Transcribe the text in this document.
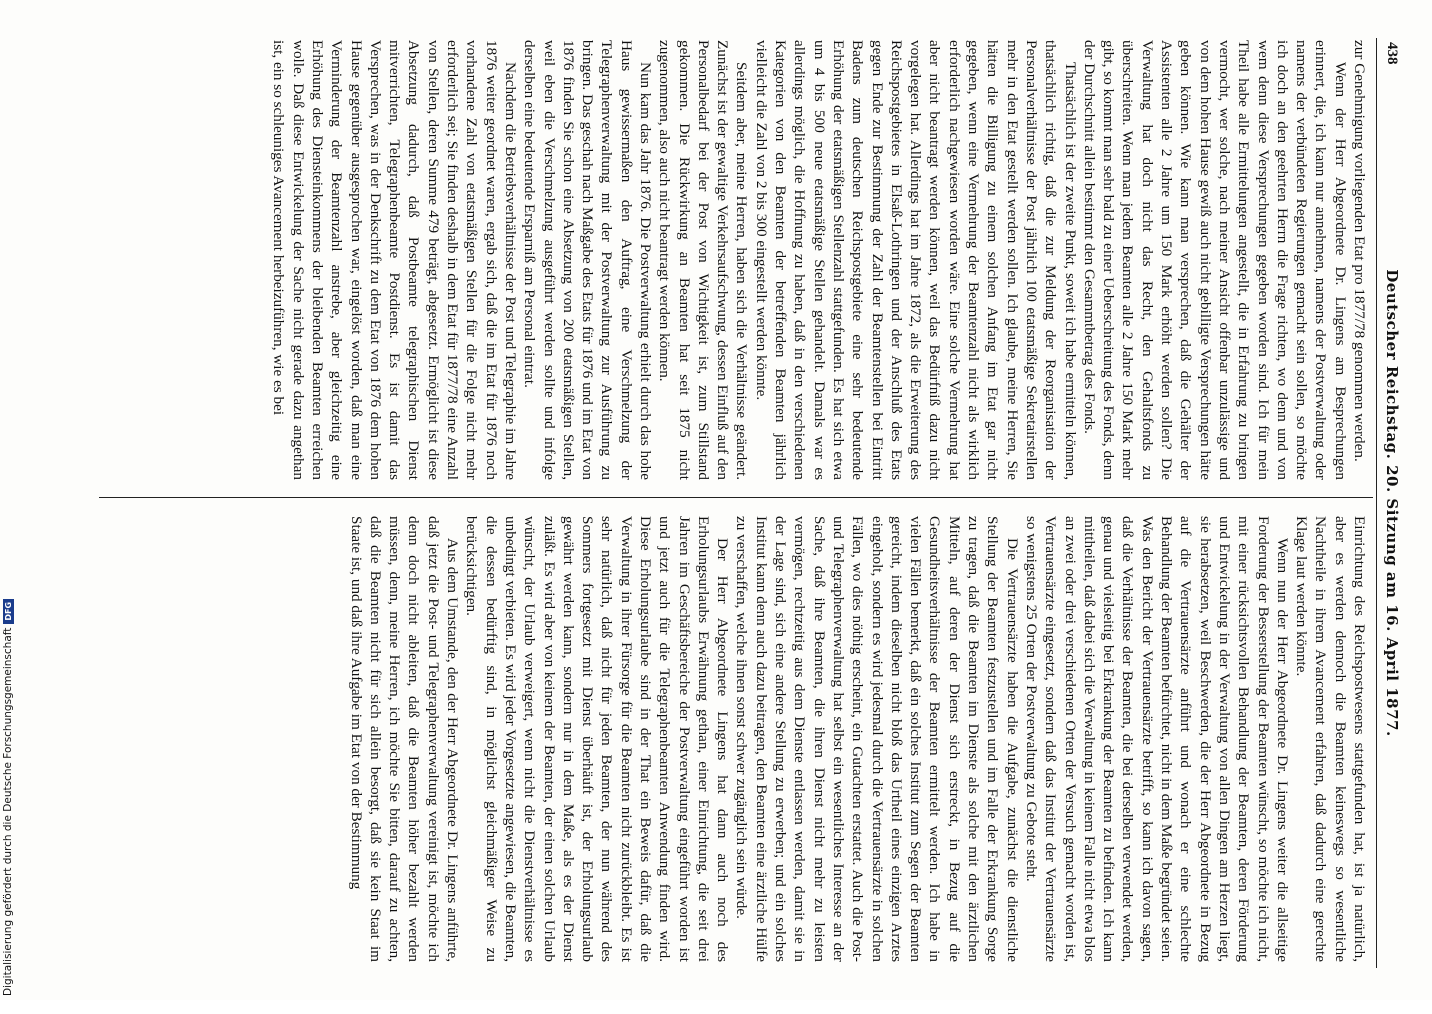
Digitalisierung gefördert durch die Deutsche ForschungsgemeinschaftDFG
438
Deutscher Reichstag. 20. Sitzung am 16. April 1877.

zur Genehmigung vorliegenden Etat pro 1877/78 genommen werden.

Wenn der Herr Abgeordnete Dr. Lingens am Besprechungen erinnert, die, ich kann nur annehmen, namens der Postverwaltung oder namens der verbündeten Regierungen gemacht sein sollen, so möchte ich doch an den geehrten Herrn die Frage richten, wo denn und von wem denn diese Versprechungen gegeben worden sind. Ich für mein Theil habe alle Ermittelungen angestellt, die in Erfahrung zu bringen vermocht, wer solche, nach meiner Ansicht offenbar unzulässige und von dem hohen Hause gewiß auch nicht gebilligte Versprechungen hätte geben können. Wie kann man versprechen, daß die Gehälter der Assistenten alle 2 Jahre um 150 Mark erhöht werden sollen? Die Verwaltung hat doch nicht das Recht, den Gehaltsfonds zu überschreiten. Wenn man jedem Beamten alle 2 Jahre 150 Mark mehr gibt, so kommt man sehr bald zu einer Ueberschreitung des Fonds, denn der Durchschnitt allein bestimmt den Gesammtbetrag des Fonds.

Thatsächlich ist der zweite Punkt, soweit ich habe ermitteln können, thatsächlich richtig, daß die zur Meldung der Reorganisation der Personalverhältnisse der Post jährlich 100 etatsmäßige Sekretairstellen mehr in den Etat gestellt werden sollen. Ich glaube, meine Herren, Sie hätten die Billigung zu einem solchen Anfang im Etat gar nicht gegeben, wenn eine Vermehrung der Beamtenzahl nicht als wirklich erforderlich nachgewiesen worden wäre. Eine solche Vermehrung hat aber nicht beantragt werden können, weil das Bedürfniß dazu nicht vorgelegen hat. Allerdings hat im Jahre 1872, als die Erweiterung des Reichspostgebietes in Elsaß-Lothringen und der Anschluß des Etats gegen Ende zur Bestimmung der Zahl der Beamtenstellen bei Eintritt Badens zum deutschen Reichspostgebiete eine sehr bedeutende Erhöhung der etatsmäßigen Stellenzahl stattgefunden. Es hat sich etwa um 4 bis 500 neue etatsmäßige Stellen gehandelt. Damals war es allerdings möglich, die Hoffnung zu haben, daß in den verschiedenen Kategorien von den Beamten der betreffenden Beamten jährlich vielleicht die Zahl von 2 bis 300 eingestellt werden könnte.

Seitdem aber, meine Herren, haben sich die Verhältnisse geändert. Zunächst ist der gewaltige Verkehrsaufschwung, dessen Einfluß auf den Personalbedarf bei der Post von Wichtigkeit ist, zum Stillstand gekommen. Die Rückwirkung an Beamten hat seit 1875 nicht zugenommen, also auch nicht beantragt werden können.

Nun kam das Jahr 1876. Die Postverwaltung erhielt durch das hohe Haus gewissermaßen den Auftrag, eine Verschmelzung der Telegraphenverwaltung mit der Postverwaltung zur Ausführung zu bringen. Das geschah nach Maßgabe des Etats für 1876 und im Etat von 1876 finden Sie schon eine Absetzung von 200 etatsmäßigen Stellen, weil eben die Verschmelzung ausgeführt werden sollte und infolge derselben eine bedeutende Ersparniß am Personal eintrat.

Nachdem die Betriebsverhältnisse der Post und Telegraphie im Jahre 1876 weiter geordnet waren, ergab sich, daß die im Etat für 1876 noch vorhandene Zahl von etatsmäßigen Stellen für die Folge nicht mehr erforderlich sei; Sie finden deshalb in dem Etat für 1877/78 eine Anzahl von Stellen, deren Summe 479 beträgt, abgesetzt. Ermöglicht ist diese Absetzung dadurch, daß Postbeamte telegraphischen Dienst mitverrichten, Telegraphenbeamte Postdienst. Es ist damit das Versprechen, was in der Denkschrift zu dem Etat von 1876 dem hohen Hause gegenüber ausgesprochen war, eingelöst worden, daß man eine Verminderung der Beamtenzahl anstrebe, aber gleichzeitig eine Erhöhung des Diensteinkommens der bleibenden Beamten erreichen wolle. Daß diese Entwickelung der Sache nicht gerade dazu angethan ist, ein so schleuniges Avancement herbeizuführen, wie es bei

Einrichtung des Reichspostwesens stattgefunden hat, ist ja natürlich, aber es werden dennoch die Beamten keineswegs so wesentliche Nachtheile in ihrem Avancement erfahren, daß dadurch eine gerechte Klage laut werden könnte.

Wenn nun der Herr Abgeordnete Dr. Lingens weiter die allseitige Forderung der Besserstellung der Beamten wünscht, so möchte ich nicht, mit einer rücksichtsvollen Behandlung der Beamten, deren Förderung und Entwickelung in der Verwaltung von allen Dingen am Herzen liegt, sie herabsetzen, weil Beschwerden, die der Herr Abgeordnete in Bezug auf die Vertrauensärzte anführt und wonach er eine schlechte Behandlung der Beamten befürchtet, nicht in dem Maße begründet seien. Was den Bericht der Vertrauensärzte betrifft, so kann ich davon sagen, daß die Verhältnisse der Beamten, die bei derselben verwendet werden, genau und vielseitig bei Erkrankung der Beamten zu befinden. Ich kann mittheilen, daß dabei sich die Verwaltung in keinem Falle nicht etwa blos an zwei oder drei verschiedenen Orten der Versuch gemacht worden ist, Vertrauensärzte eingesetzt, sondern daß das Institut der Vertrauensärzte so wenigstens 25 Orten der Postverwaltung zu Gebote steht.

Die Vertrauensärzte haben die Aufgabe, zunächst die dienstliche Stellung der Beamten festzustellen und im Falle der Erkrankung Sorge zu tragen, daß die Beamten im Dienste als solche mit den ärztlichen Mitteln, auf deren der Dienst sich erstreckt, in Bezug auf die Gesundheitsverhältnisse der Beamten ermittelt werden. Ich habe in vielen Fällen bemerkt, daß ein solches Institut zum Segen der Beamten gereicht, indem dieselben nicht bloß das Urtheil eines einzigen Arztes eingeholt, sondern es wird jedesmal durch die Vertrauensärzte in solchen Fällen, wo dies nöthig erscheint, ein Gutachten erstattet. Auch die Post- und Telegraphenverwaltung hat selbst ein wesentliches Interesse an der Sache, daß ihre Beamten, die ihren Dienst nicht mehr zu leisten vermögen, rechtzeitig aus dem Dienste entlassen werden, damit sie in der Lage sind, sich eine andere Stellung zu erwerben; und ein solches Institut kann denn auch dazu beitragen, den Beamten eine ärztliche Hülfe zu verschaffen, welche ihnen sonst schwer zugänglich sein würde.

Der Herr Abgeordnete Lingens hat dann auch noch des Erholungsurlaubs Erwähnung gethan, einer Einrichtung, die seit drei Jahren im Geschäftsbereiche der Postverwaltung eingeführt worden ist und jetzt auch für die Telegraphenbeamten Anwendung finden wird. Diese Erholungsurlaube sind in der That ein Beweis dafür, daß die Verwaltung in ihrer Fürsorge für die Beamten nicht zurückbleibt. Es ist sehr natürlich, daß nicht für jeden Beamten, der nun während des Sommers fortgesetzt mit Dienst überhäuft ist, der Erholungsurlaub gewährt werden kann, sondern nur in dem Maße, als es der Dienst zuläßt. Es wird aber von keinem der Beamten, der einen solchen Urlaub wünscht, der Urlaub verweigert, wenn nicht die Dienstverhältnisse es unbedingt verbieten. Es wird jeder Vorgesetzte angewiesen, die Beamten, die dessen bedürftig sind, in möglichst gleichmäßiger Weise zu berücksichtigen.

Aus dem Umstande, den der Herr Abgeordnete Dr. Lingens anführte, daß jetzt die Post- und Telegraphenverwaltung vereinigt ist, möchte ich denn doch nicht ableiten, daß die Beamten höher bezahlt werden müssen, denn, meine Herren, ich möchte Sie bitten, darauf zu achten, daß die Beamten nicht für sich allein besorgt, daß sie kein Staat im Staate ist, und daß ihre Aufgabe im Etat von der Bestimmung
